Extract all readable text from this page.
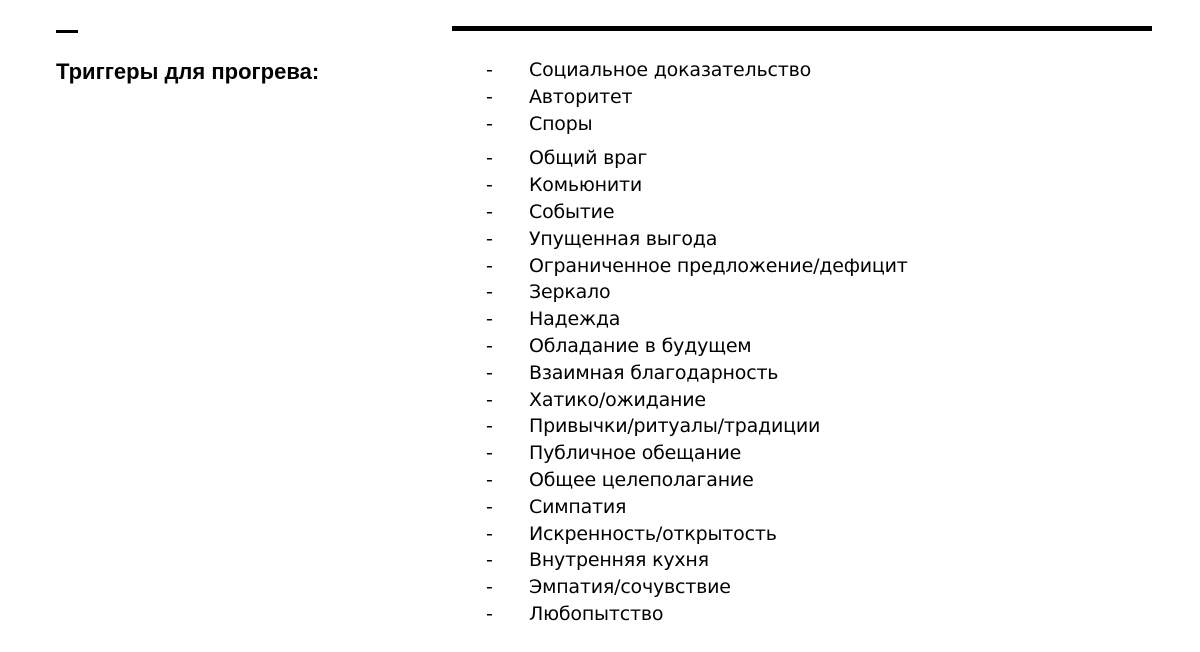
Триггеры для прогрева:	-	Социальное доказательство
-	Авторитет
-	Споры
-	Общий враг
-	Комьюнити
-	Событие
-	Упущенная выгода
-	Ограниченное предложение/дефицит
-	Зеркало
-	Надежда
-	Обладание в будущем
-	Взаимная благодарность
-	Хатико/ожидание
-	Привычки/ритуалы/традиции
-	Публичное обещание
-	Общее целеполагание
-	Симпатия
-	Искренность/открытость
-	Внутренняя кухня
-	Эмпатия/сочувствие
-	Любопытство
